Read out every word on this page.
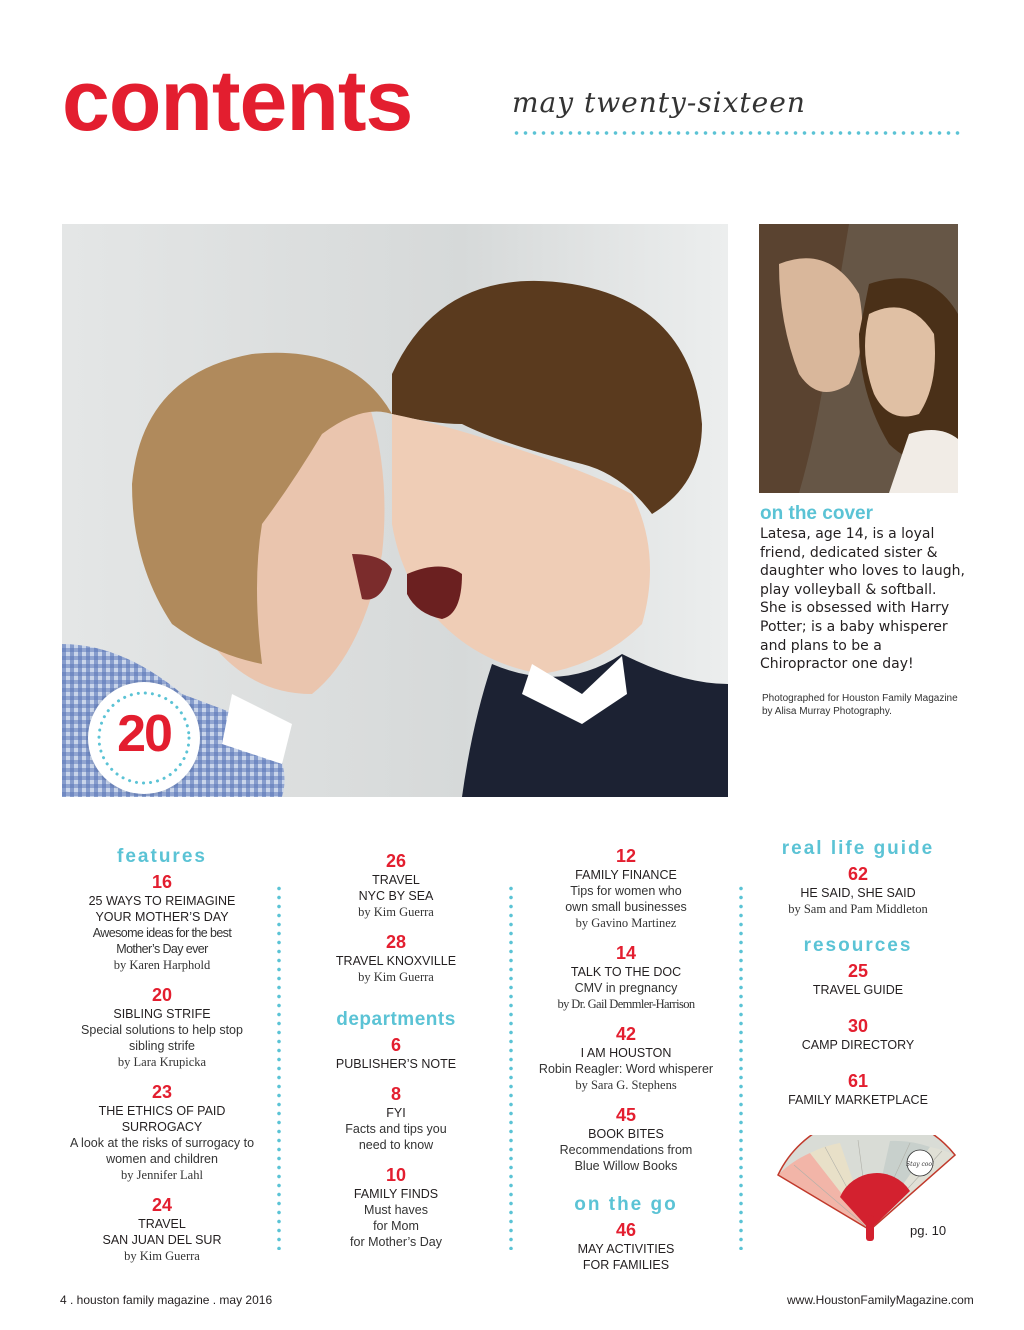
contents	may twenty-sixteen
20
on the cover
Latesa, age 14, is a loyal friend, dedicated sister & daughter who loves to laugh, play volleyball & softball. She is obsessed with Harry Potter; is a baby whisperer and plans to be a Chiropractor one day!
Photographed for Houston Family Magazine
by Alisa Murray Photography.
features
16
25 WAYS TO REIMAGINE
YOUR MOTHER’S DAY
Awesome ideas for the best
Mother’s Day ever
by Karen Harphold
20
SIBLING STRIFE
Special solutions to help stop
sibling strife
by Lara Krupicka
23
THE ETHICS OF PAID
SURROGACY
A look at the risks of surrogacy to
women and children
by Jennifer Lahl
24
TRAVEL
SAN JUAN DEL SUR
by Kim Guerra
26
TRAVEL
NYC BY SEA
by Kim Guerra
28
TRAVEL KNOXVILLE
by Kim Guerra
departments
6
PUBLISHER’S NOTE
8
FYI
Facts and tips you
need to know
10
FAMILY FINDS
Must haves
for Mom
for Mother’s Day
12
FAMILY FINANCE
Tips for women who
own small businesses
by Gavino Martinez
14
TALK TO THE DOC
CMV in pregnancy
by Dr. Gail Demmler-Harrison
42
I AM HOUSTON
Robin Reagler: Word whisperer
by Sara G. Stephens
45
BOOK BITES
Recommendations from
Blue Willow Books
on the go
46
MAY ACTIVITIES
FOR FAMILIES
real life guide
62
HE SAID, SHE SAID
by Sam and Pam Middleton
resources
25
TRAVEL GUIDE
30
CAMP DIRECTORY
61
FAMILY MARKETPLACE
Stay cool
pg. 10
4 . houston family magazine . may 2016	www.HoustonFamilyMagazine.com
